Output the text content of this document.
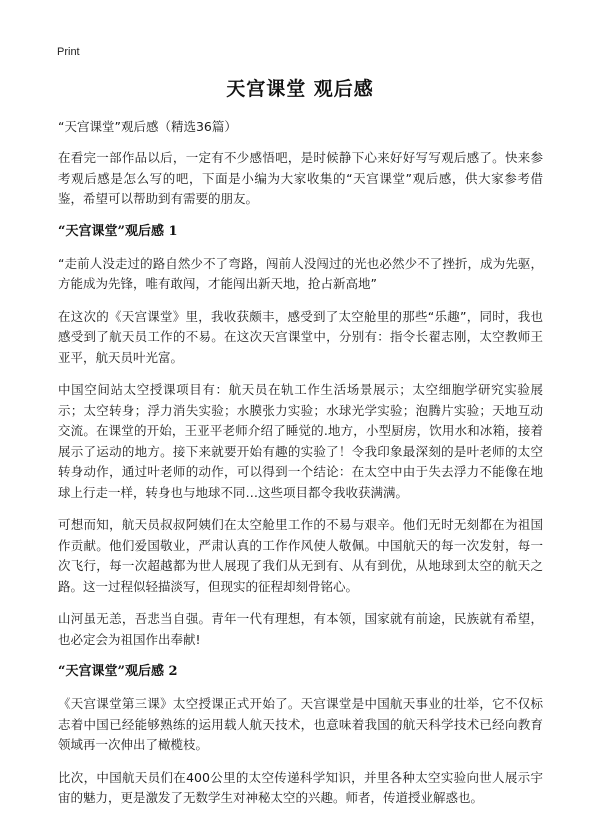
Print
天宫课堂 观后感
“天宫课堂”观后感（精选36篇）

在看完一部作品以后，一定有不少感悟吧，是时候静下心来好好写写观后感了。快来参考观后感是怎么写的吧，下面是小编为大家收集的“天宫课堂”观后感，供大家参考借鉴，希望可以帮助到有需要的朋友。

“天宫课堂”观后感 1

“走前人没走过的路自然少不了弯路，闯前人没闯过的光也必然少不了挫折，成为先驱，方能成为先锋，唯有敢闯，才能闯出新天地，抢占新高地”

在这次的《天宫课堂》里，我收获颇丰，感受到了太空舱里的那些“乐趣”，同时，我也感受到了航天员工作的不易。在这次天宫课堂中，分别有：指令长翟志刚，太空教师王亚平，航天员叶光富。

中国空间站太空授课项目有：航天员在轨工作生活场景展示；太空细胞学研究实验展示；太空转身；浮力消失实验；水膜张力实验；水球光学实验；泡腾片实验；天地互动交流。在课堂的开始，王亚平老师介绍了睡觉的.地方，小型厨房，饮用水和冰箱，接着展示了运动的地方。接下来就要开始有趣的实验了！令我印象最深刻的是叶老师的太空转身动作，通过叶老师的动作，可以得到一个结论：在太空中由于失去浮力不能像在地球上行走一样，转身也与地球不同…这些项目都令我收获满满。

可想而知，航天员叔叔阿姨们在太空舱里工作的不易与艰辛。他们无时无刻都在为祖国作贡献。他们爱国敬业，严肃认真的工作作风使人敬佩。中国航天的每一次发射，每一次飞行，每一次超越都为世人展现了我们从无到有、从有到优，从地球到太空的航天之路。这一过程似轻描淡写，但现实的征程却刻骨铭心。

山河虽无恙，吾悲当自强。青年一代有理想，有本领，国家就有前途，民族就有希望，也必定会为祖国作出奉献!

“天宫课堂”观后感 2

《天宫课堂第三课》太空授课正式开始了。天宫课堂是中国航天事业的壮举，它不仅标志着中国已经能够熟练的运用载人航天技术，也意味着我国的航天科学技术已经向教育领域再一次伸出了橄榄枝。

比次，中国航天员们在400公里的太空传递科学知识，并里各种太空实验向世人展示宇宙的魅力，更是激发了无数学生对神秘太空的兴趣。师者，传道授业解惑也。
